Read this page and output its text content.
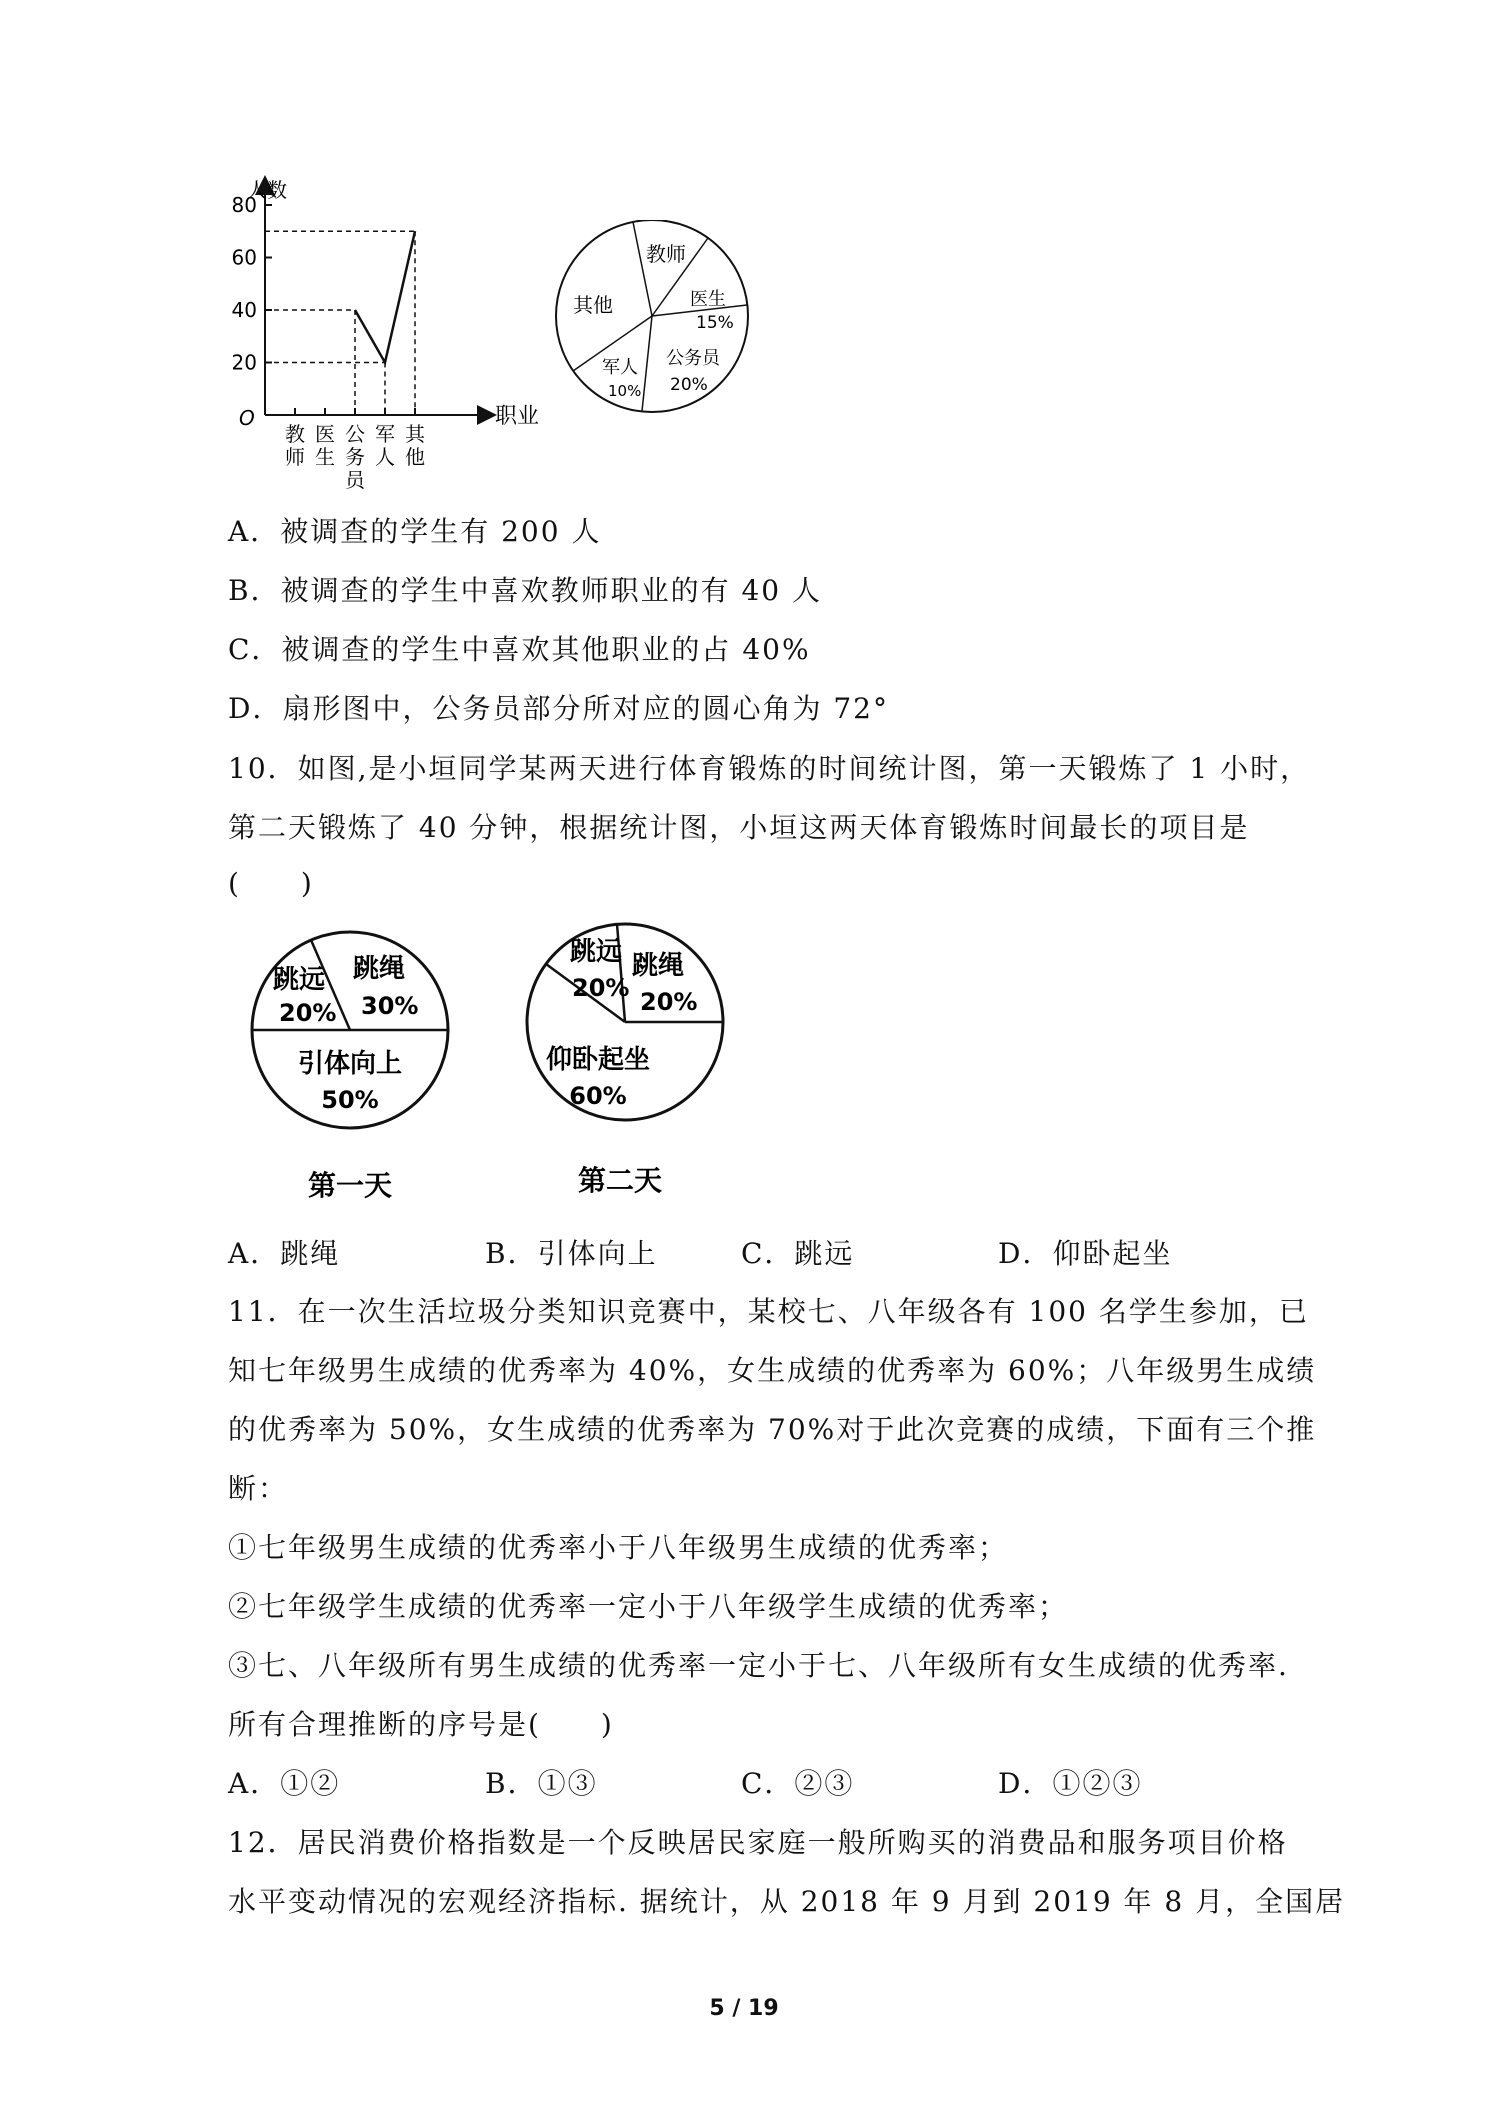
人数
职业
O
20
40
60
80
教师
医生
公务员
军人
其他
教师
医生
15%
公务员
20%
军人
10%
其他
A．被调查的学生有 200 人
B．被调查的学生中喜欢教师职业的有 40 人
C．被调查的学生中喜欢其他职业的占 40%
D．扇形图中，公务员部分所对应的圆心角为 72°
10．如图,是小垣同学某两天进行体育锻炼的时间统计图，第一天锻炼了 1 小时，
第二天锻炼了 40 分钟，根据统计图，小垣这两天体育锻炼时间最长的项目是
(　　)
跳远
20%
跳绳
30%
引体向上
50%
第一天
跳远
20%
跳绳
20%
仰卧起坐
60%
第二天
A．跳绳	B．引体向上	C．跳远	D．仰卧起坐
11．在一次生活垃圾分类知识竞赛中，某校七、八年级各有 100 名学生参加，已
知七年级男生成绩的优秀率为 40%，女生成绩的优秀率为 60%；八年级男生成绩
的优秀率为 50%，女生成绩的优秀率为 70%对于此次竞赛的成绩，下面有三个推
断：
①七年级男生成绩的优秀率小于八年级男生成绩的优秀率；
②七年级学生成绩的优秀率一定小于八年级学生成绩的优秀率；
③七、八年级所有男生成绩的优秀率一定小于七、八年级所有女生成绩的优秀率.
所有合理推断的序号是(　　)
A．①②	B．①③	C．②③	D．①②③
12．居民消费价格指数是一个反映居民家庭一般所购买的消费品和服务项目价格
水平变动情况的宏观经济指标. 据统计，从 2018 年 9 月到 2019 年 8 月，全国居
5 / 19
